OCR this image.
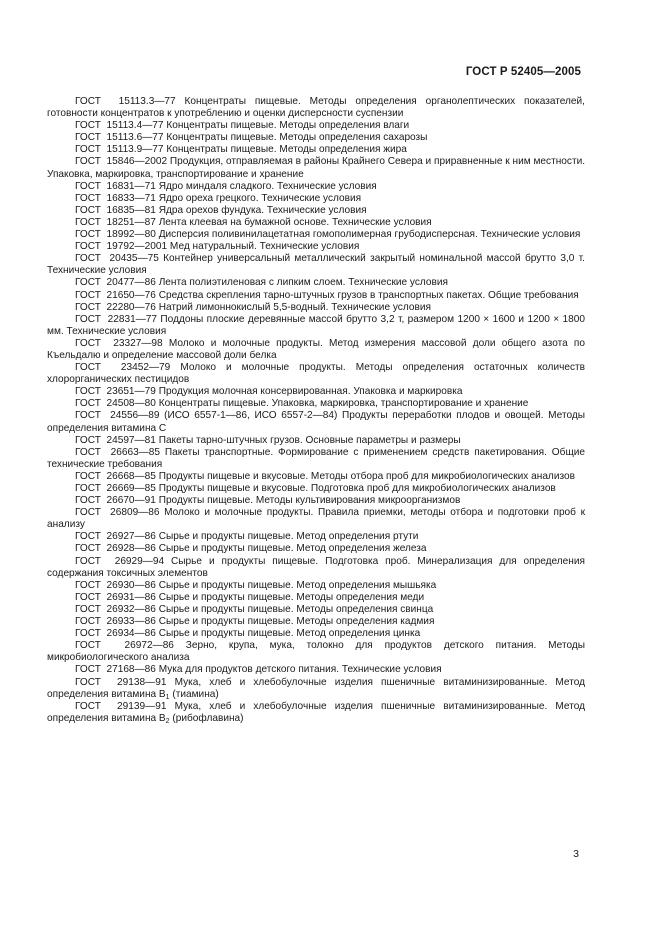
ГОСТ Р 52405—2005

ГОСТ  15113.3—77 Концентраты пищевые. Методы определения органолептических показателей, готовности концентратов к употреблению и оценки дисперсности суспензии

ГОСТ  15113.4—77 Концентраты пищевые. Методы определения влаги

ГОСТ  15113.6—77 Концентраты пищевые. Методы определения сахарозы

ГОСТ  15113.9—77 Концентраты пищевые. Методы определения жира

ГОСТ  15846—2002 Продукция, отправляемая в районы Крайнего Севера и приравненные к ним местности. Упаковка, маркировка, транспортирование и хранение

ГОСТ  16831—71 Ядро миндаля сладкого. Технические условия

ГОСТ  16833—71 Ядро ореха грецкого. Технические условия

ГОСТ  16835—81 Ядра орехов фундука. Технические условия

ГОСТ  18251—87 Лента клеевая на бумажной основе. Технические условия

ГОСТ  18992—80 Дисперсия поливинилацетатная гомополимерная грубодисперсная. Технические условия

ГОСТ  19792—2001 Мед натуральный. Технические условия

ГОСТ  20435—75 Контейнер универсальный металлический закрытый номинальной массой брутто 3,0 т. Технические условия

ГОСТ  20477—86 Лента полиэтиленовая с липким слоем. Технические условия

ГОСТ  21650—76 Средства скрепления тарно-штучных грузов в транспортных пакетах. Общие требования

ГОСТ  22280—76 Натрий лимоннокислый 5,5-водный. Технические условия

ГОСТ  22831—77 Поддоны плоские деревянные массой брутто 3,2 т, размером 1200 × 1600 и 1200 × 1800 мм. Технические условия

ГОСТ  23327—98 Молоко и молочные продукты. Метод измерения массовой доли общего азота по Къельдалю и определение массовой доли белка

ГОСТ  23452—79 Молоко и молочные продукты. Методы определения остаточных количеств хлорорганических пестицидов

ГОСТ  23651—79 Продукция молочная консервированная. Упаковка и маркировка

ГОСТ  24508—80 Концентраты пищевые. Упаковка, маркировка, транспортирование и хранение

ГОСТ  24556—89 (ИСО 6557-1—86, ИСО 6557-2—84) Продукты переработки плодов и овощей. Методы определения витамина С

ГОСТ  24597—81 Пакеты тарно-штучных грузов. Основные параметры и размеры

ГОСТ  26663—85 Пакеты транспортные. Формирование с применением средств пакетирования. Общие технические требования

ГОСТ  26668—85 Продукты пищевые и вкусовые. Методы отбора проб для микробиологических анализов

ГОСТ  26669—85 Продукты пищевые и вкусовые. Подготовка проб для микробиологических анализов

ГОСТ  26670—91 Продукты пищевые. Методы культивирования микроорганизмов

ГОСТ  26809—86 Молоко и молочные продукты. Правила приемки, методы отбора и подготовки проб к анализу

ГОСТ  26927—86 Сырье и продукты пищевые. Метод определения ртути

ГОСТ  26928—86 Сырье и продукты пищевые. Метод определения железа

ГОСТ  26929—94 Сырье и продукты пищевые. Подготовка проб. Минерализация для определения содержания токсичных элементов

ГОСТ  26930—86 Сырье и продукты пищевые. Метод определения мышьяка

ГОСТ  26931—86 Сырье и продукты пищевые. Методы определения меди

ГОСТ  26932—86 Сырье и продукты пищевые. Методы определения свинца

ГОСТ  26933—86 Сырье и продукты пищевые. Методы определения кадмия

ГОСТ  26934—86 Сырье и продукты пищевые. Метод определения цинка

ГОСТ  26972—86 Зерно, крупа, мука, толокно для продуктов детского питания. Методы микробиологического анализа

ГОСТ  27168—86 Мука для продуктов детского питания. Технические условия

ГОСТ  29138—91 Мука, хлеб и хлебобулочные изделия пшеничные витаминизированные. Метод определения витамина $B_1$ (тиамина)

ГОСТ  29139—91 Мука, хлеб и хлебобулочные изделия пшеничные витаминизированные. Метод определения витамина $B_2$ (рибофлавина)

3
